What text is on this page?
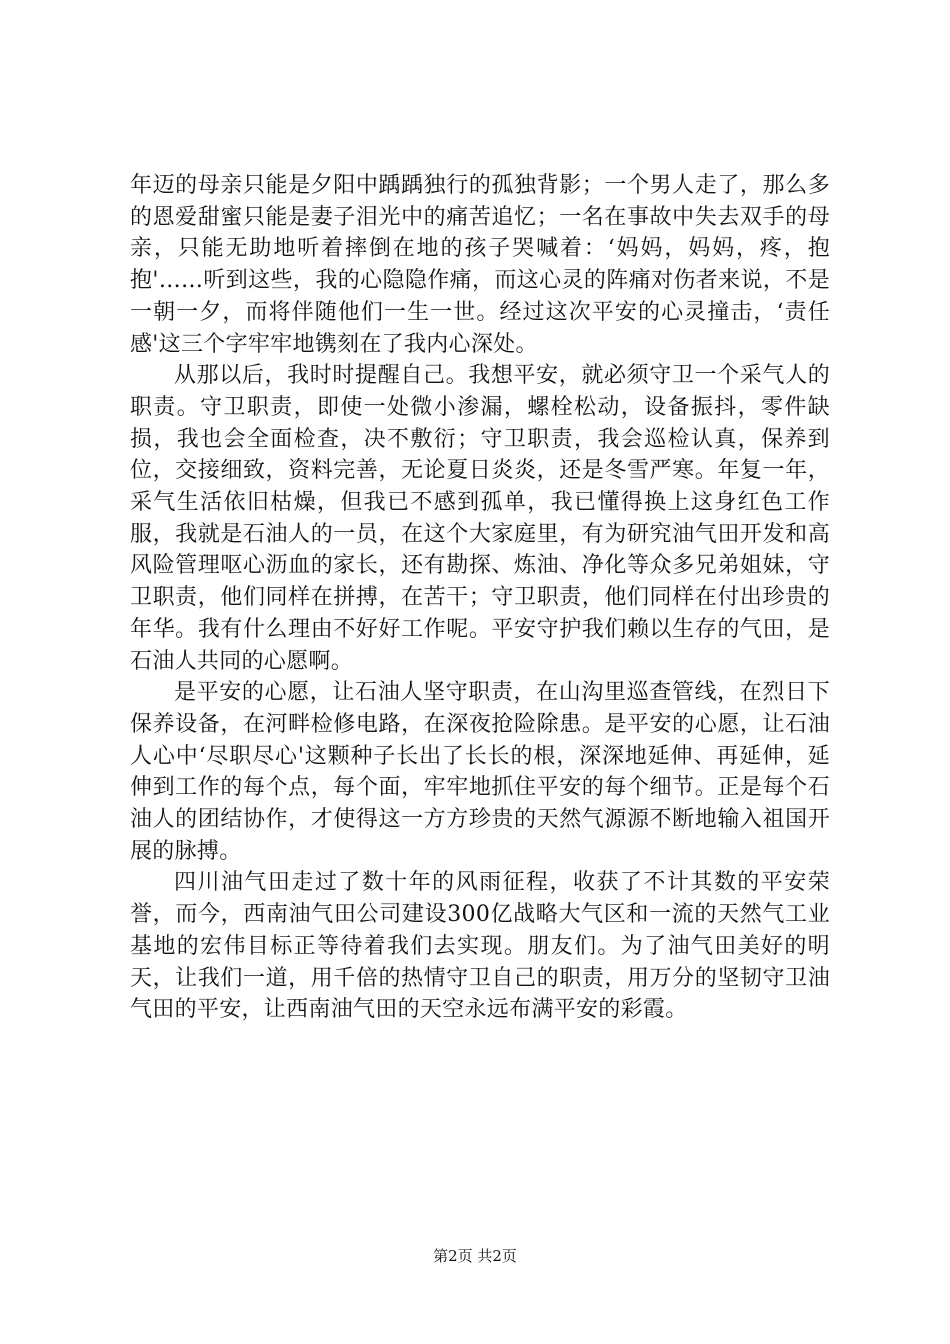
年迈的母亲只能是夕阳中踽踽独行的孤独背影；一个男人走了，那么多的恩爱甜蜜只能是妻子泪光中的痛苦追忆；一名在事故中失去双手的母亲，只能无助地听着摔倒在地的孩子哭喊着：‘妈妈，妈妈，疼，抱抱'……听到这些，我的心隐隐作痛，而这心灵的阵痛对伤者来说，不是一朝一夕，而将伴随他们一生一世。经过这次平安的心灵撞击，‘责任感'这三个字牢牢地镌刻在了我内心深处。

从那以后，我时时提醒自己。我想平安，就必须守卫一个采气人的职责。守卫职责，即使一处微小渗漏，螺栓松动，设备振抖，零件缺损，我也会全面检查，决不敷衍；守卫职责，我会巡检认真，保养到位，交接细致，资料完善，无论夏日炎炎，还是冬雪严寒。年复一年，采气生活依旧枯燥，但我已不感到孤单，我已懂得换上这身红色工作服，我就是石油人的一员，在这个大家庭里，有为研究油气田开发和高风险管理呕心沥血的家长，还有勘探、炼油、净化等众多兄弟姐妹，守卫职责，他们同样在拼搏，在苦干；守卫职责，他们同样在付出珍贵的年华。我有什么理由不好好工作呢。平安守护我们赖以生存的气田，是石油人共同的心愿啊。

是平安的心愿，让石油人坚守职责，在山沟里巡查管线，在烈日下保养设备，在河畔检修电路，在深夜抢险除患。是平安的心愿，让石油人心中‘尽职尽心'这颗种子长出了长长的根，深深地延伸、再延伸，延伸到工作的每个点，每个面，牢牢地抓住平安的每个细节。正是每个石油人的团结协作，才使得这一方方珍贵的天然气源源不断地输入祖国开展的脉搏。

四川油气田走过了数十年的风雨征程，收获了不计其数的平安荣誉，而今，西南油气田公司建设300亿战略大气区和一流的天然气工业基地的宏伟目标正等待着我们去实现。朋友们。为了油气田美好的明天，让我们一道，用千倍的热情守卫自己的职责，用万分的坚韧守卫油气田的平安，让西南油气田的天空永远布满平安的彩霞。

第2页 共2页
